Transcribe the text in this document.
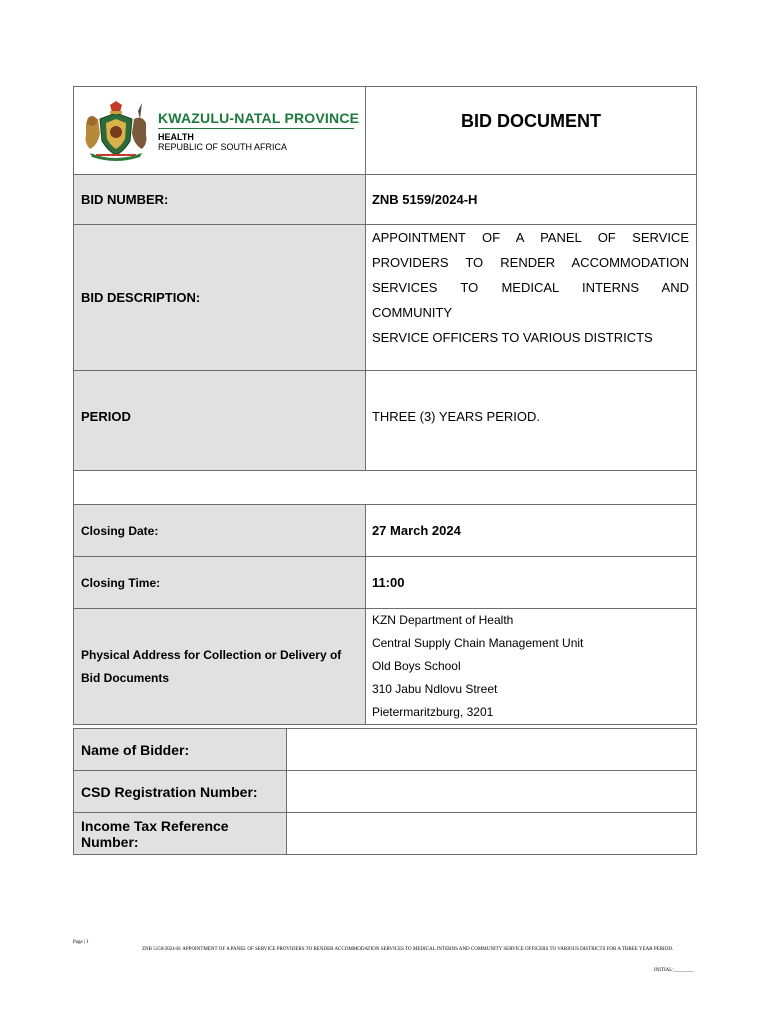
KWAZULU-NATAL PROVINCE
HEALTH
REPUBLIC OF SOUTH AFRICA	BID DOCUMENT

BID NUMBER:	ZNB 5159/2024-H
BID DESCRIPTION:	APPOINTMENT OF A PANEL OF SERVICE
PROVIDERS TO RENDER ACCOMMODATION
SERVICES TO MEDICAL INTERNS AND COMMUNITY
SERVICE OFFICERS TO VARIOUS DISTRICTS

PERIOD	THREE (3) YEARS PERIOD.

Closing Date:	27 March 2024
Closing Time:	11:00
Physical Address for Collection or Delivery of Bid Documents	KZN Department of Health
Central Supply Chain Management Unit
Old Boys School
310 Jabu Ndlovu Street
Pietermaritzburg, 3201
Name of Bidder:	
CSD Registration Number:	
Income Tax Reference Number:	
Page | 1
ZNB 5159/2024-H: APPOINTMENT OF A PANEL OF SERVICE PROVIDERS TO RENDER ACCOMMODATION SERVICES TO MEDICAL INTERNS AND COMMUNITY SERVICE OFFICERS TO VARIOUS DISTRICTS FOR A THREE YEAR PERIOD.
INITIAL:________
